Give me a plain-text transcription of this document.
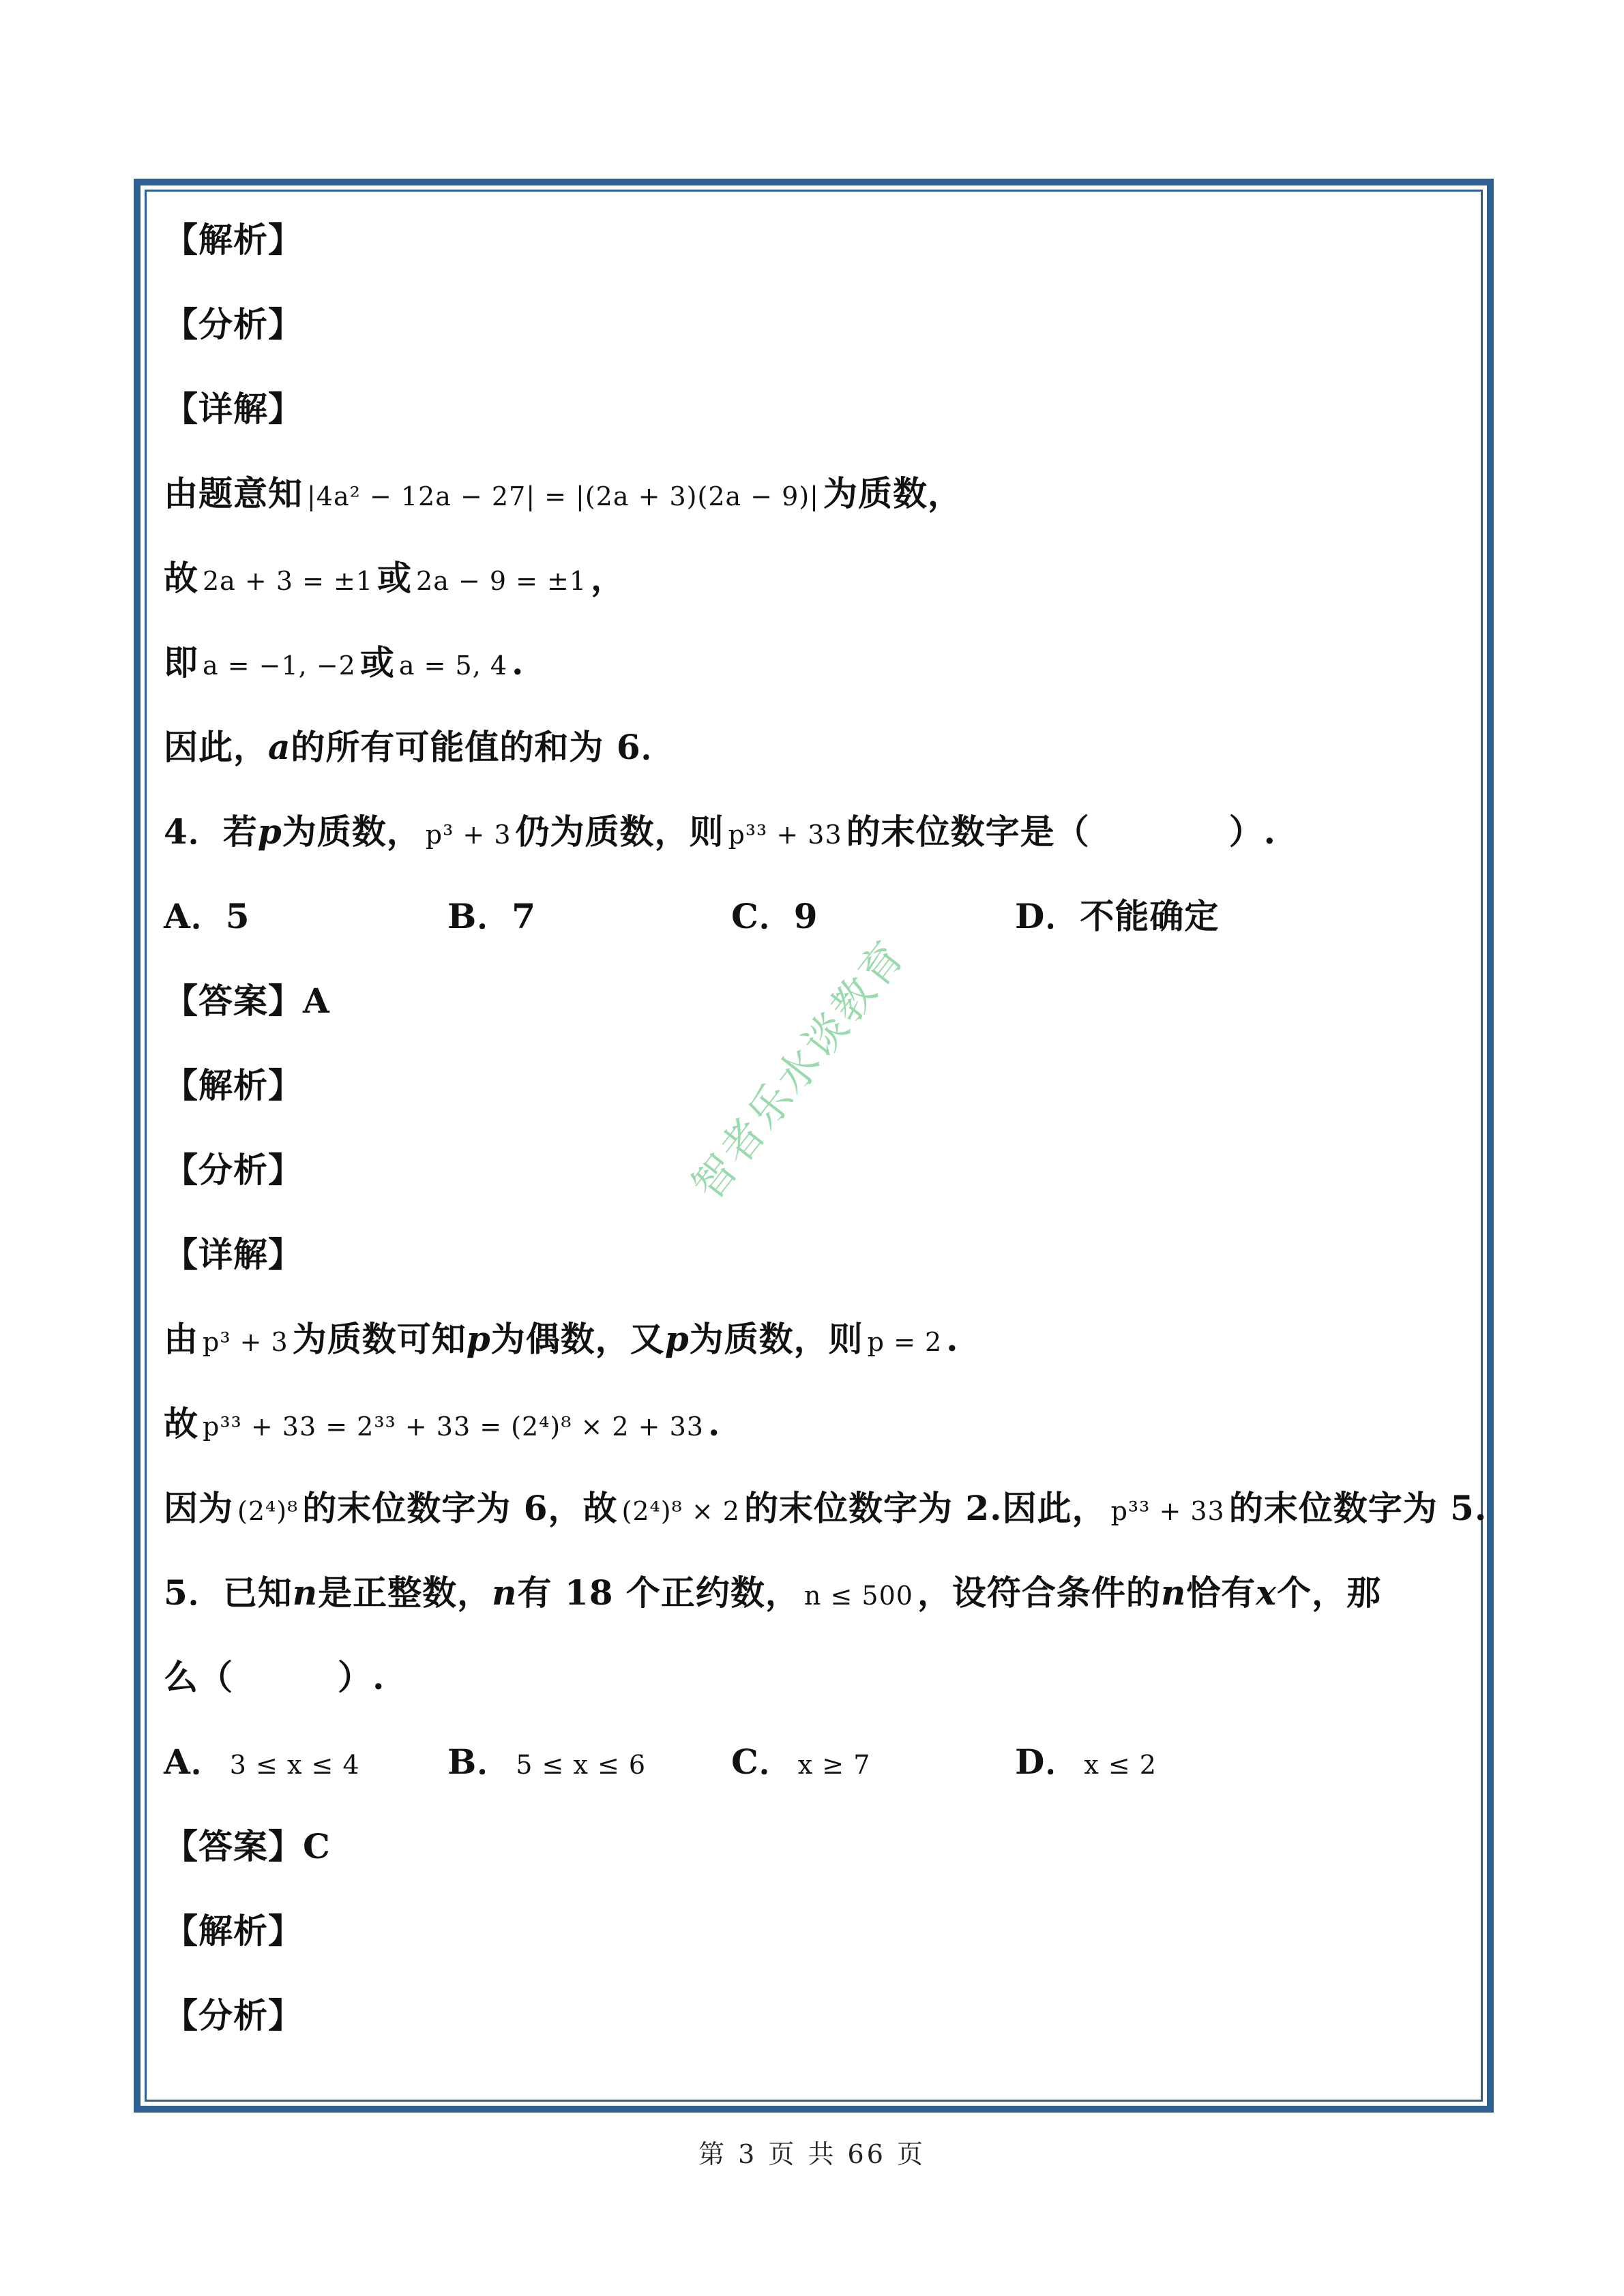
【解析】
【分析】
【详解】
由题意知 |4a² − 12a − 27| = |(2a + 3)(2a − 9)| 为质数，
故 2a + 3 = ±1 或 2a − 9 = ±1 ，
即 a = −1, −2 或 a = 5, 4 .
因此，a的所有可能值的和为 6．
4．若p为质数， p³ + 3 仍为质数，则 p³³ + 33 的末位数字是（　　　　）.
A．5	B．7	C．9	D．不能确定
【答案】A
【解析】
【分析】
【详解】
由 p³ + 3 为质数可知p为偶数，又p为质数，则 p = 2 .
故 p³³ + 33 = 2³³ + 33 = (2⁴)⁸ × 2 + 33 .
因为 (2⁴)⁸ 的末位数字为 6，故 (2⁴)⁸ × 2 的末位数字为 2.因此， p³³ + 33 的末位数字为 5.
5．已知n是正整数，n有 18 个正约数， n ≤ 500 ，设符合条件的n恰有x个，那
么（　　　）.
A． 3 ≤ x ≤ 4	B． 5 ≤ x ≤ 6	C． x ≥ 7	D． x ≤ 2
【答案】C
【解析】
【分析】
智者乐水谈教育
第 3 页 共 66 页
